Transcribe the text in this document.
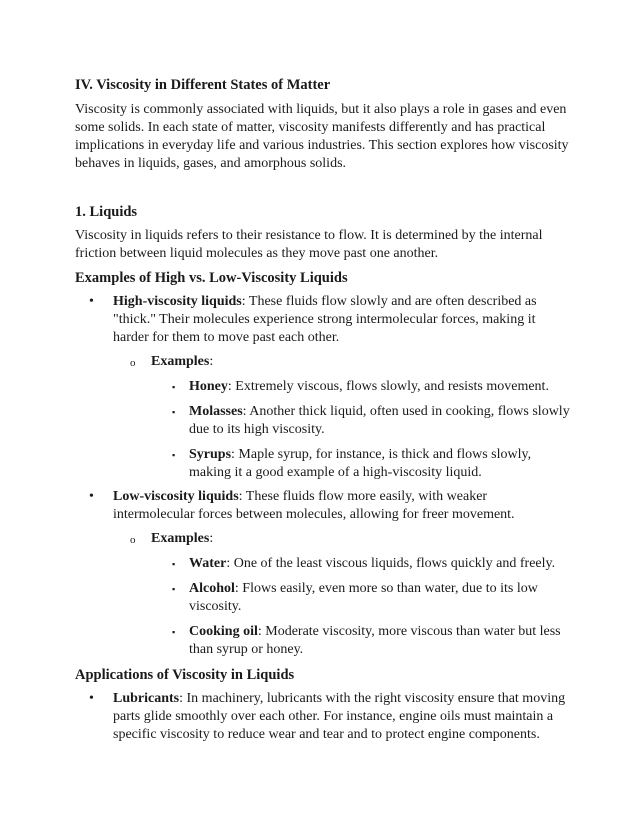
IV. Viscosity in Different States of Matter

Viscosity is commonly associated with liquids, but it also plays a role in gases and even some solids. In each state of matter, viscosity manifests differently and has practical implications in everyday life and various industries. This section explores how viscosity behaves in liquids, gases, and amorphous solids.

1. Liquids

Viscosity in liquids refers to their resistance to flow. It is determined by the internal friction between liquid molecules as they move past one another.

Examples of High vs. Low-Viscosity Liquids
• High-viscosity liquids: These fluids flow slowly and are often described as "thick." Their molecules experience strong intermolecular forces, making it harder for them to move past each other.
o Examples:
▪ Honey: Extremely viscous, flows slowly, and resists movement.
▪ Molasses: Another thick liquid, often used in cooking, flows slowly due to its high viscosity.
▪ Syrups: Maple syrup, for instance, is thick and flows slowly, making it a good example of a high-viscosity liquid.
• Low-viscosity liquids: These fluids flow more easily, with weaker intermolecular forces between molecules, allowing for freer movement.
o Examples:
▪ Water: One of the least viscous liquids, flows quickly and freely.
▪ Alcohol: Flows easily, even more so than water, due to its low viscosity.
▪ Cooking oil: Moderate viscosity, more viscous than water but less than syrup or honey.
Applications of Viscosity in Liquids
• Lubricants: In machinery, lubricants with the right viscosity ensure that moving parts glide smoothly over each other. For instance, engine oils must maintain a specific viscosity to reduce wear and tear and to protect engine components.
